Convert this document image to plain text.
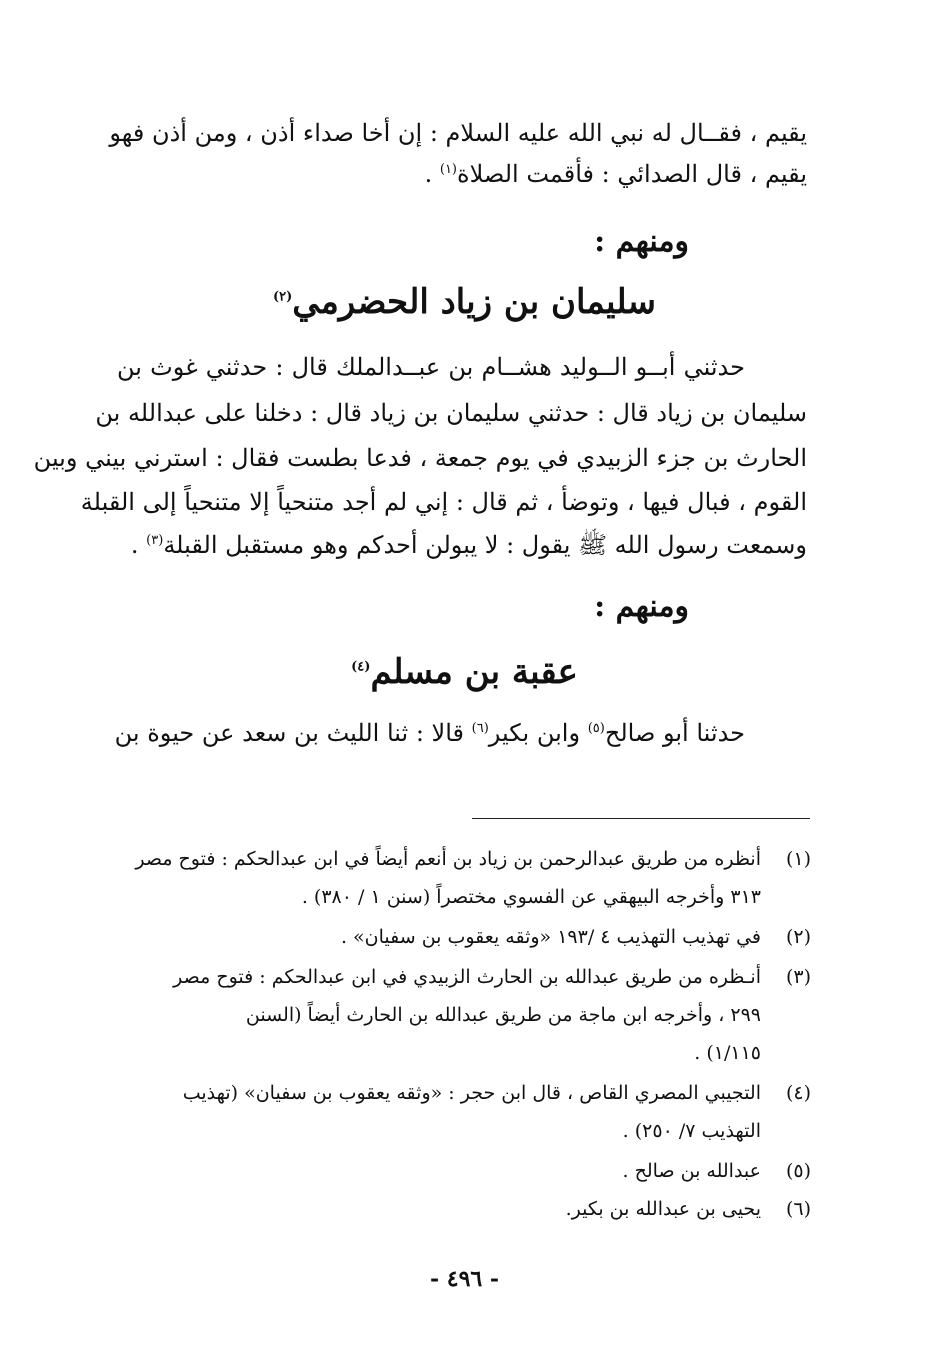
يقيم ، فقــال له نبي الله عليه السلام : إن أخا صداء أذن ، ومن أذن فهو
يقيم ، قال الصدائي : فأقمت الصلاة$^{(١)}$ .
ومنهم :
سليمان بن زياد الحضرمي$^{(٢)}$
حدثني أبــو الــوليد هشــام بن عبــدالملك قال : حدثني غوث بن
سليمان بن زياد قال : حدثني سليمان بن زياد قال : دخلنا على عبدالله بن
الحارث بن جزء الزبيدي في يوم جمعة ، فدعا بطست فقال : استرني بيني وبين
القوم ، فبال فيها ، وتوضأ ، ثم قال : إني لم أجد متنحياً إلا متنحياً إلى القبلة
وسمعت رسول الله ﷺ يقول : لا يبولن أحدكم وهو مستقبل القبلة$^{(٣)}$ .
ومنهم :
عقبة بن مسلم$^{(٤)}$
حدثنا أبو صالح$^{(٥)}$ وابن بكير$^{(٦)}$ قالا : ثنا الليث بن سعد عن حيوة بن
(١)أنظره من طريق عبدالرحمن بن زياد بن أنعم أيضاً في ابن عبدالحكم : فتوح مصر
٣١٣ وأخرجه البيهقي عن الفسوي مختصراً (سنن ١ / ٣٨٠) .
(٢)في تهذيب التهذيب ٤ /١٩٣ «وثقه يعقوب بن سفيان» .
(٣)أنـظره من طريق عبدالله بن الحارث الزبيدي في ابن عبدالحكم : فتوح مصر
٢٩٩ ، وأخرجه ابن ماجة من طريق عبدالله بن الحارث أيضاً (السنن
١/١١٥) .
(٤)التجيبي المصري القاص ، قال ابن حجر : «وثقه يعقوب بن سفيان» (تهذيب
التهذيب ٧/ ٢٥٠) .
(٥)عبدالله بن صالح .
(٦)يحيى بن عبدالله بن بكير.
- ٤٩٦ -
